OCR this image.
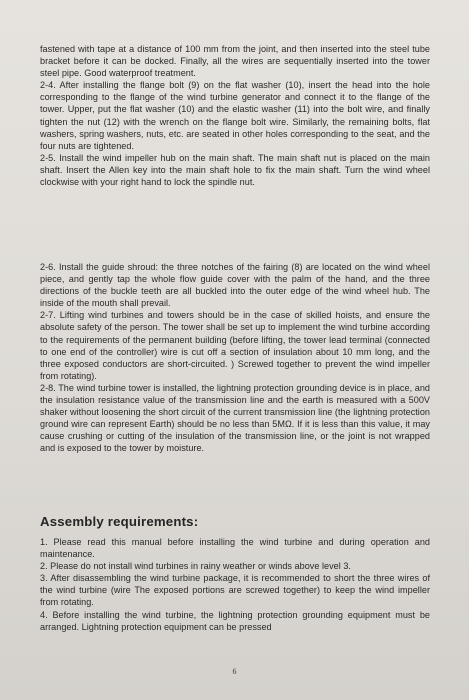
fastened with tape at a distance of 100 mm from the joint, and then inserted into the steel tube bracket before it can be docked. Finally, all the wires are sequentially inserted into the tower steel pipe. Good waterproof treatment.

2-4. After installing the flange bolt (9) on the flat washer (10), insert the head into the hole corresponding to the flange of the wind turbine generator and connect it to the flange of the tower. Upper, put the flat washer (10) and the elastic washer (11) into the bolt wire, and finally tighten the nut (12) with the wrench on the flange bolt wire. Similarly, the remaining bolts, flat washers, spring washers, nuts, etc. are seated in other holes corresponding to the seat, and the four nuts are tightened.

2-5. Install the wind impeller hub on the main shaft. The main shaft nut is placed on the main shaft. Insert the Allen key into the main shaft hole to fix the main shaft. Turn the wind wheel clockwise with your right hand to lock the spindle nut.

2-6. Install the guide shroud: the three notches of the fairing (8) are located on the wind wheel piece, and gently tap the whole flow guide cover with the palm of the hand, and the three directions of the buckle teeth are all buckled into the outer edge of the wind wheel hub. The inside of the mouth shall prevail.

2-7. Lifting wind turbines and towers should be in the case of skilled hoists, and ensure the absolute safety of the person. The tower shall be set up to implement the wind turbine according to the requirements of the permanent building (before lifting, the tower lead terminal (connected to one end of the controller) wire is cut off a section of insulation about 10 mm long, and the three exposed conductors are short-circuited. ) Screwed together to prevent the wind impeller from rotating).

2-8. The wind turbine tower is installed, the lightning protection grounding device is in place, and the insulation resistance value of the transmission line and the earth is measured with a 500V shaker without loosening the short circuit of the current transmission line (the lightning protection ground wire can represent Earth) should be no less than 5MΩ. If it is less than this value, it may cause crushing or cutting of the insulation of the transmission line, or the joint is not wrapped and is exposed to the tower by moisture.

Assembly requirements:

1. Please read this manual before installing the wind turbine and during operation and maintenance.

2. Please do not install wind turbines in rainy weather or winds above level 3.

3. After disassembling the wind turbine package, it is recommended to short the three wires of the wind turbine (wire The exposed portions are screwed together) to keep the wind impeller from rotating.

4. Before installing the wind turbine, the lightning protection grounding equipment must be arranged. Lightning protection equipment can be pressed

6
